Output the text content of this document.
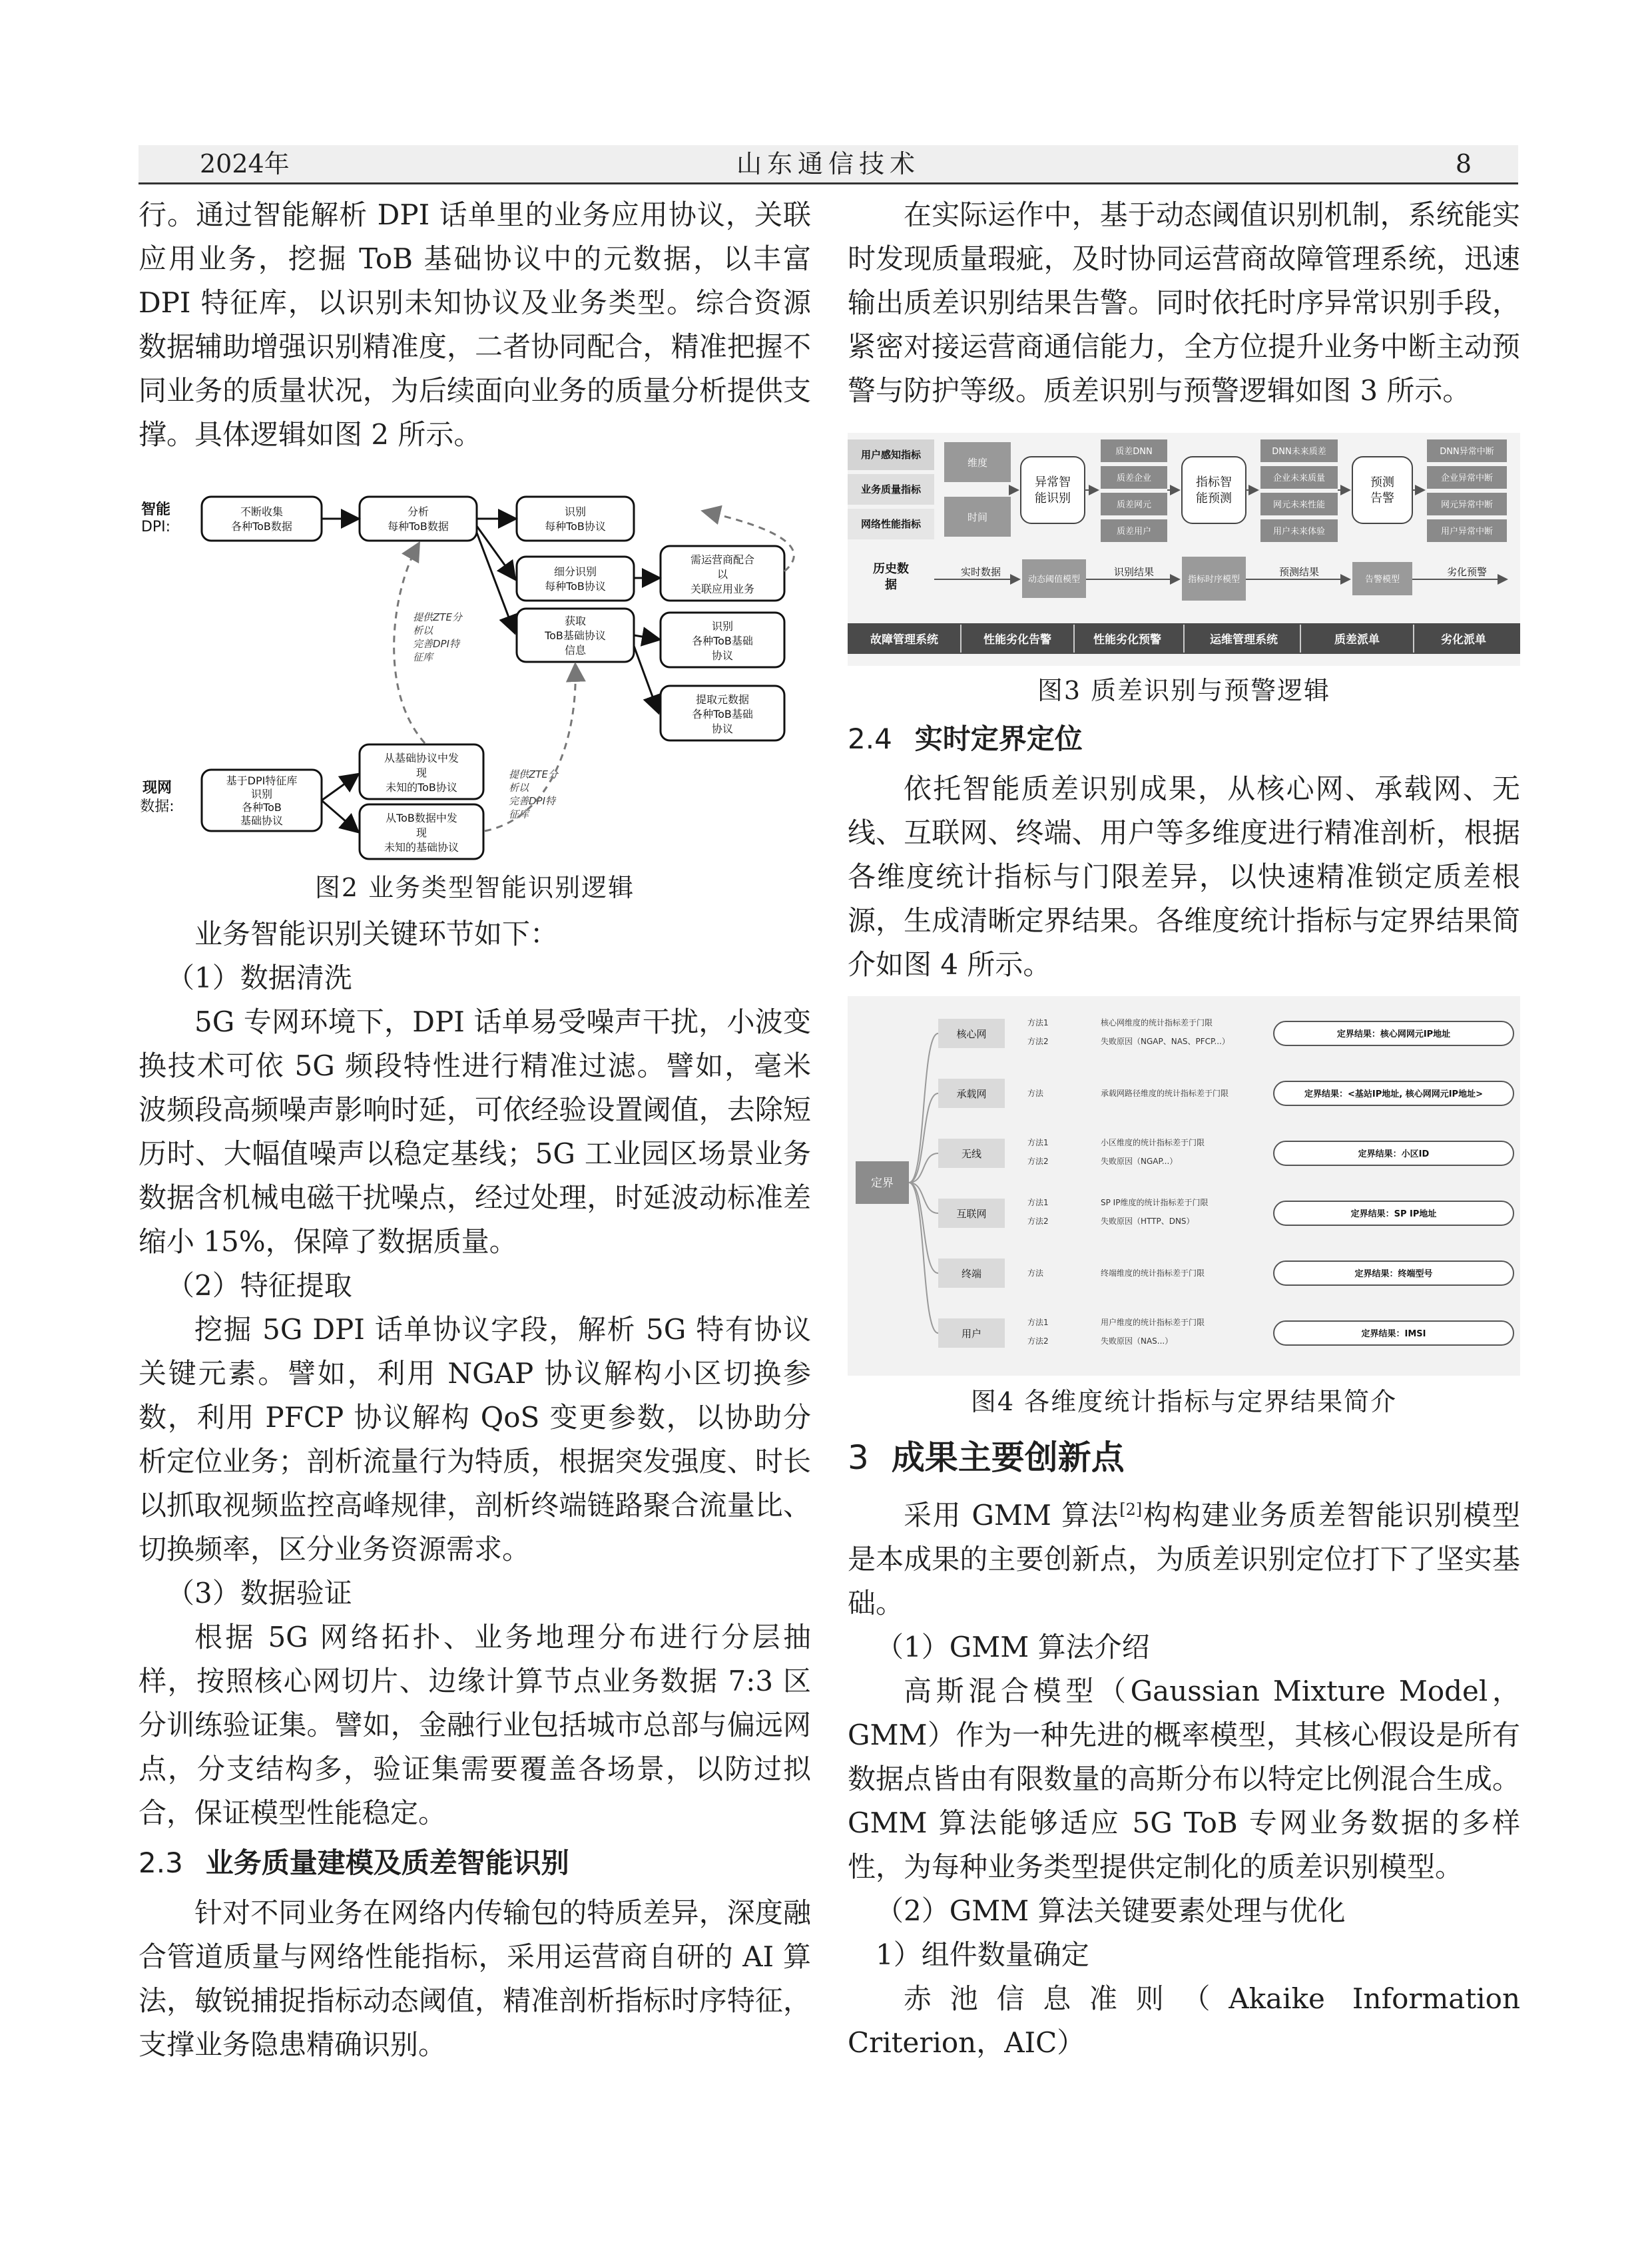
2024年	山东通信技术	8

行。通过智能解析 DPI 话单里的业务应用协议，关联应用业务，挖掘 ToB 基础协议中的元数据，以丰富 DPI 特征库，以识别未知协议及业务类型。综合资源数据辅助增强识别精准度，二者协同配合，精准把握不同业务的质量状况，为后续面向业务的质量分析提供支撑。具体逻辑如图 2 所示。

智能
DPI:
现网
数据:
不断收集
各种ToB数据
分析
每种ToB数据
识别
每种ToB协议
细分识别
每种ToB协议
获取
ToB基础协议
信息
需运营商配合
以
关联应用业务
识别
各种ToB基础
协议
提取元数据
各种ToB基础
协议
基于DPI特征库
识别
各种ToB
基础协议
从基础协议中发
现
未知的ToB协议
从ToB数据中发
现
未知的基础协议
提供ZTE分
析以
完善DPI特
征库
提供ZTE分
析以
完善DPI特
征库
图2 业务类型智能识别逻辑

业务智能识别关键环节如下：

（1）数据清洗

5G 专网环境下，DPI 话单易受噪声干扰，小波变换技术可依 5G 频段特性进行精准过滤。譬如，毫米波频段高频噪声影响时延，可依经验设置阈值，去除短历时、大幅值噪声以稳定基线；5G 工业园区场景业务数据含机械电磁干扰噪点，经过处理，时延波动标准差缩小 15%，保障了数据质量。

（2）特征提取

挖掘 5G DPI 话单协议字段，解析 5G 特有协议关键元素。譬如，利用 NGAP 协议解构小区切换参数，利用 PFCP 协议解构 QoS 变更参数，以协助分析定位业务；剖析流量行为特质，根据突发强度、时长以抓取视频监控高峰规律，剖析终端链路聚合流量比、切换频率，区分业务资源需求。

（3）数据验证

根据 5G 网络拓扑、业务地理分布进行分层抽样，按照核心网切片、边缘计算节点业务数据 7:3 区分训练验证集。譬如，金融行业包括城市总部与偏远网点，分支结构多，验证集需要覆盖各场景，以防过拟合，保证模型性能稳定。

2.3 业务质量建模及质差智能识别

针对不同业务在网络内传输包的特质差异，深度融合管道质量与网络性能指标，采用运营商自研的 AI 算法，敏锐捕捉指标动态阈值，精准剖析指标时序特征，支撑业务隐患精确识别。

在实际运作中，基于动态阈值识别机制，系统能实时发现质量瑕疵，及时协同运营商故障管理系统，迅速输出质差识别结果告警。同时依托时序异常识别手段，紧密对接运营商通信能力，全方位提升业务中断主动预警与防护等级。质差识别与预警逻辑如图 3 所示。

用户感知指标
业务质量指标
网络性能指标
维度
时间
异常智
能识别
质差DNN
质差企业
质差网元
质差用户
指标智
能预测
DNN未来质差
企业未来质量
网元未来性能
用户未来体验
预测
告警
DNN异常中断
企业异常中断
网元异常中断
用户异常中断
历史数
据
实时数据
动态阈值模型
识别结果
指标时序模型
预测结果
告警模型
劣化预警
故障管理系统	性能劣化告警	性能劣化预警	运维管理系统	质差派单	劣化派单
图3 质差识别与预警逻辑
2.4 实时定界定位

依托智能质差识别成果，从核心网、承载网、无线、互联网、终端、用户等多维度进行精准剖析，根据各维度统计指标与门限差异，以快速精准锁定质差根源，生成清晰定界结果。各维度统计指标与定界结果简介如图 4 所示。

定界
核心网
方法1	核心网维度的统计指标差于门限
方法2	失败原因（NGAP、NAS、PFCP...）
定界结果：核心网网元IP地址
承载网	方法	承载网路径维度的统计指标差于门限	定界结果：<基站IP地址, 核心网网元IP地址>
无线
方法1	小区维度的统计指标差于门限
方法2	失败原因（NGAP...）
定界结果：小区ID
互联网
方法1	SP IP维度的统计指标差于门限
方法2	失败原因（HTTP、DNS）
定界结果：SP IP地址
终端	方法	终端维度的统计指标差于门限	定界结果：终端型号
用户
方法1	用户维度的统计指标差于门限
方法2	失败原因（NAS...）
定界结果：IMSI
图4 各维度统计指标与定界结果简介
3 成果主要创新点

采用 GMM 算法[2]构构建业务质差智能识别模型是本成果的主要创新点，为质差识别定位打下了坚实基础。

（1）GMM 算法介绍

高斯混合模型（Gaussian Mixture Model，GMM）作为一种先进的概率模型，其核心假设是所有数据点皆由有限数量的高斯分布以特定比例混合生成。GMM 算法能够适应 5G ToB 专网业务数据的多样性，为每种业务类型提供定制化的质差识别模型。

（2）GMM 算法关键要素处理与优化

1）组件数量确定

赤池信息准则（Akaike Information Criterion，AIC）
